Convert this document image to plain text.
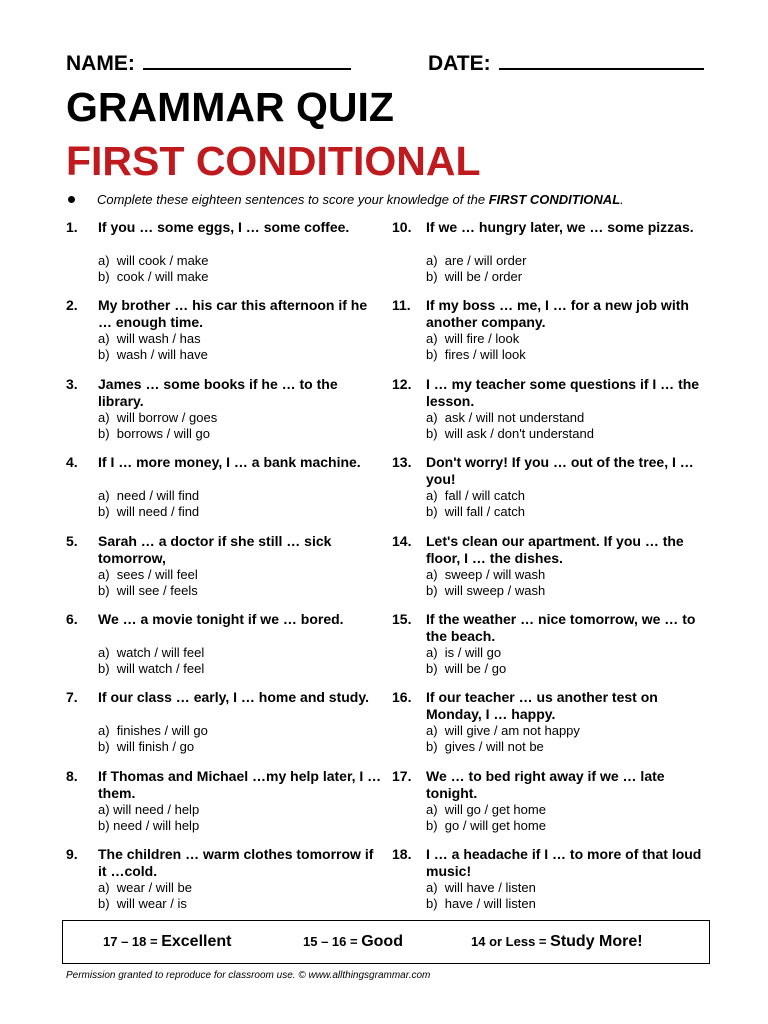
NAME:	DATE:
GRAMMAR QUIZ
FIRST CONDITIONAL
Complete these eighteen sentences to score your knowledge of the FIRST CONDITIONAL.
1.	If you … some eggs, I … some coffee.
a)  will cook / make
b)  cook / will make
2.	My brother … his car this afternoon if he … enough time.
a)  will wash / has
b)  wash / will have
3.	James … some books if he … to the library.
a)  will borrow / goes
b)  borrows / will go
4.	If I … more money, I … a bank machine.
a)  need / will find
b)  will need / find
5.	Sarah … a doctor if she still … sick tomorrow,
a)  sees / will feel
b)  will see / feels
6.	We … a movie tonight if we … bored.
a)  watch / will feel
b)  will watch / feel
7.	If our class … early, I … home and study.
a)  finishes / will go
b)  will finish / go
8.	If Thomas and Michael …my help later, I … them.
a) will need / help
b) need / will help
9.	The children … warm clothes tomorrow if it …cold.
a)  wear / will be
b)  will wear / is
10.	If we … hungry later, we … some pizzas.
a)  are / will order
b)  will be / order
11.	If my boss … me, I … for a new job with another company.
a)  will fire / look
b)  fires / will look
12.	I … my teacher some questions if I … the lesson.
a)  ask / will not understand
b)  will ask / don't understand
13.	Don't worry! If you … out of the tree, I … you!
a)  fall / will catch
b)  will fall / catch
14.	Let's clean our apartment. If you … the floor, I … the dishes.
a)  sweep / will wash
b)  will sweep / wash
15.	If the weather … nice tomorrow, we … to the beach.
a)  is / will go
b)  will be / go
16.	If our teacher … us another test on Monday, I … happy.
a)  will give / am not happy
b)  gives / will not be
17.	We … to bed right away if we … late tonight.
a)  will go / get home
b)  go / will get home
18.	I … a headache if I … to more of that loud music!
a)  will have / listen
b)  have / will listen
17 – 18 = Excellent	15 – 16 = Good	14 or Less = Study More!
Permission granted to reproduce for classroom use. © www.allthingsgrammar.com
